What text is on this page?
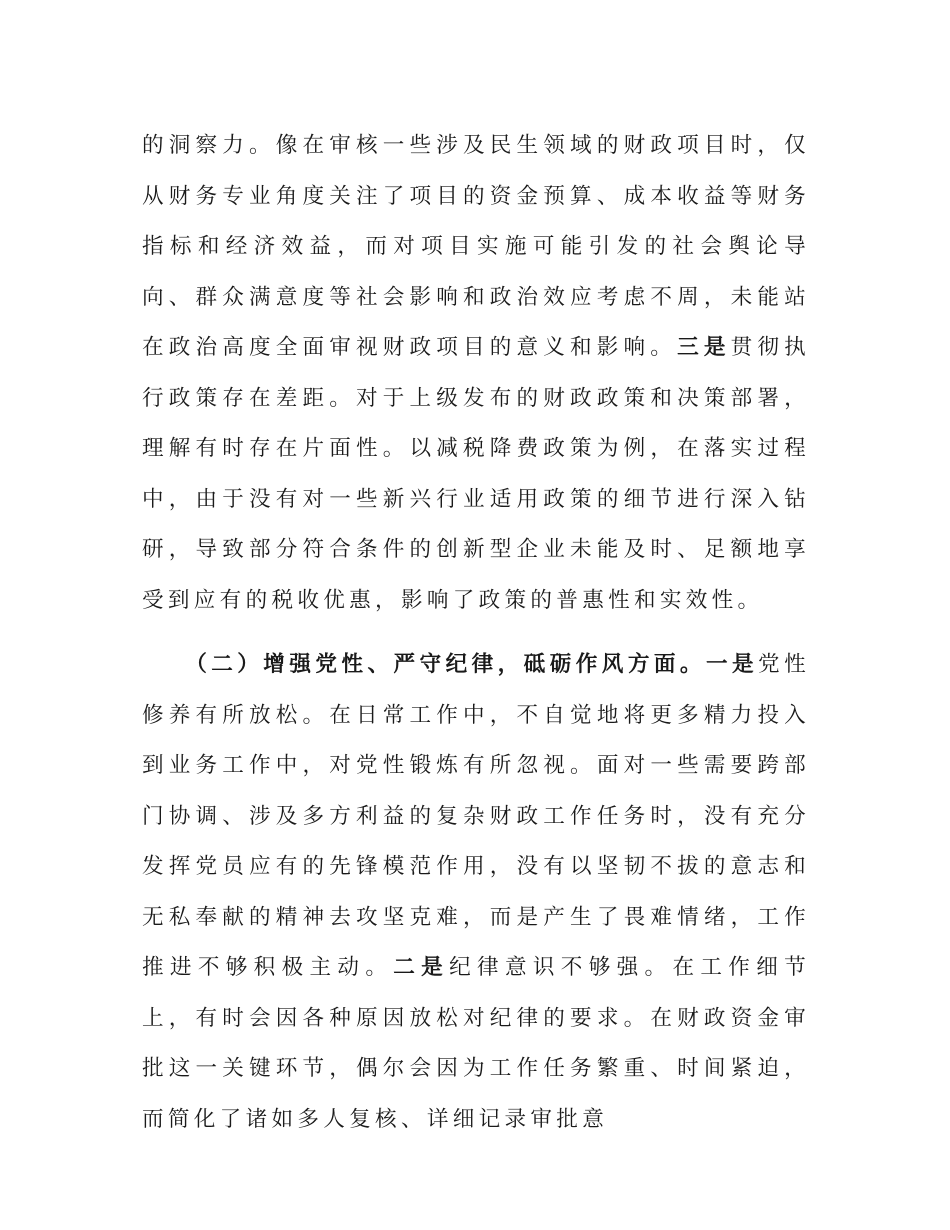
的洞察力。像在审核一些涉及民生领域的财政项目时，仅从财务专业角度关注了项目的资金预算、成本收益等财务指标和经济效益，而对项目实施可能引发的社会舆论导向、群众满意度等社会影响和政治效应考虑不周，未能站在政治高度全面审视财政项目的意义和影响。三是贯彻执行政策存在差距。对于上级发布的财政政策和决策部署，理解有时存在片面性。以减税降费政策为例，在落实过程中，由于没有对一些新兴行业适用政策的细节进行深入钻研，导致部分符合条件的创新型企业未能及时、足额地享受到应有的税收优惠，影响了政策的普惠性和实效性。

（二）增强党性、严守纪律，砥砺作风方面。一是党性修养有所放松。在日常工作中，不自觉地将更多精力投入到业务工作中，对党性锻炼有所忽视。面对一些需要跨部门协调、涉及多方利益的复杂财政工作任务时，没有充分发挥党员应有的先锋模范作用，没有以坚韧不拔的意志和无私奉献的精神去攻坚克难，而是产生了畏难情绪，工作推进不够积极主动。二是纪律意识不够强。在工作细节上，有时会因各种原因放松对纪律的要求。在财政资金审批这一关键环节，偶尔会因为工作任务繁重、时间紧迫，而简化了诸如多人复核、详细记录审批意
